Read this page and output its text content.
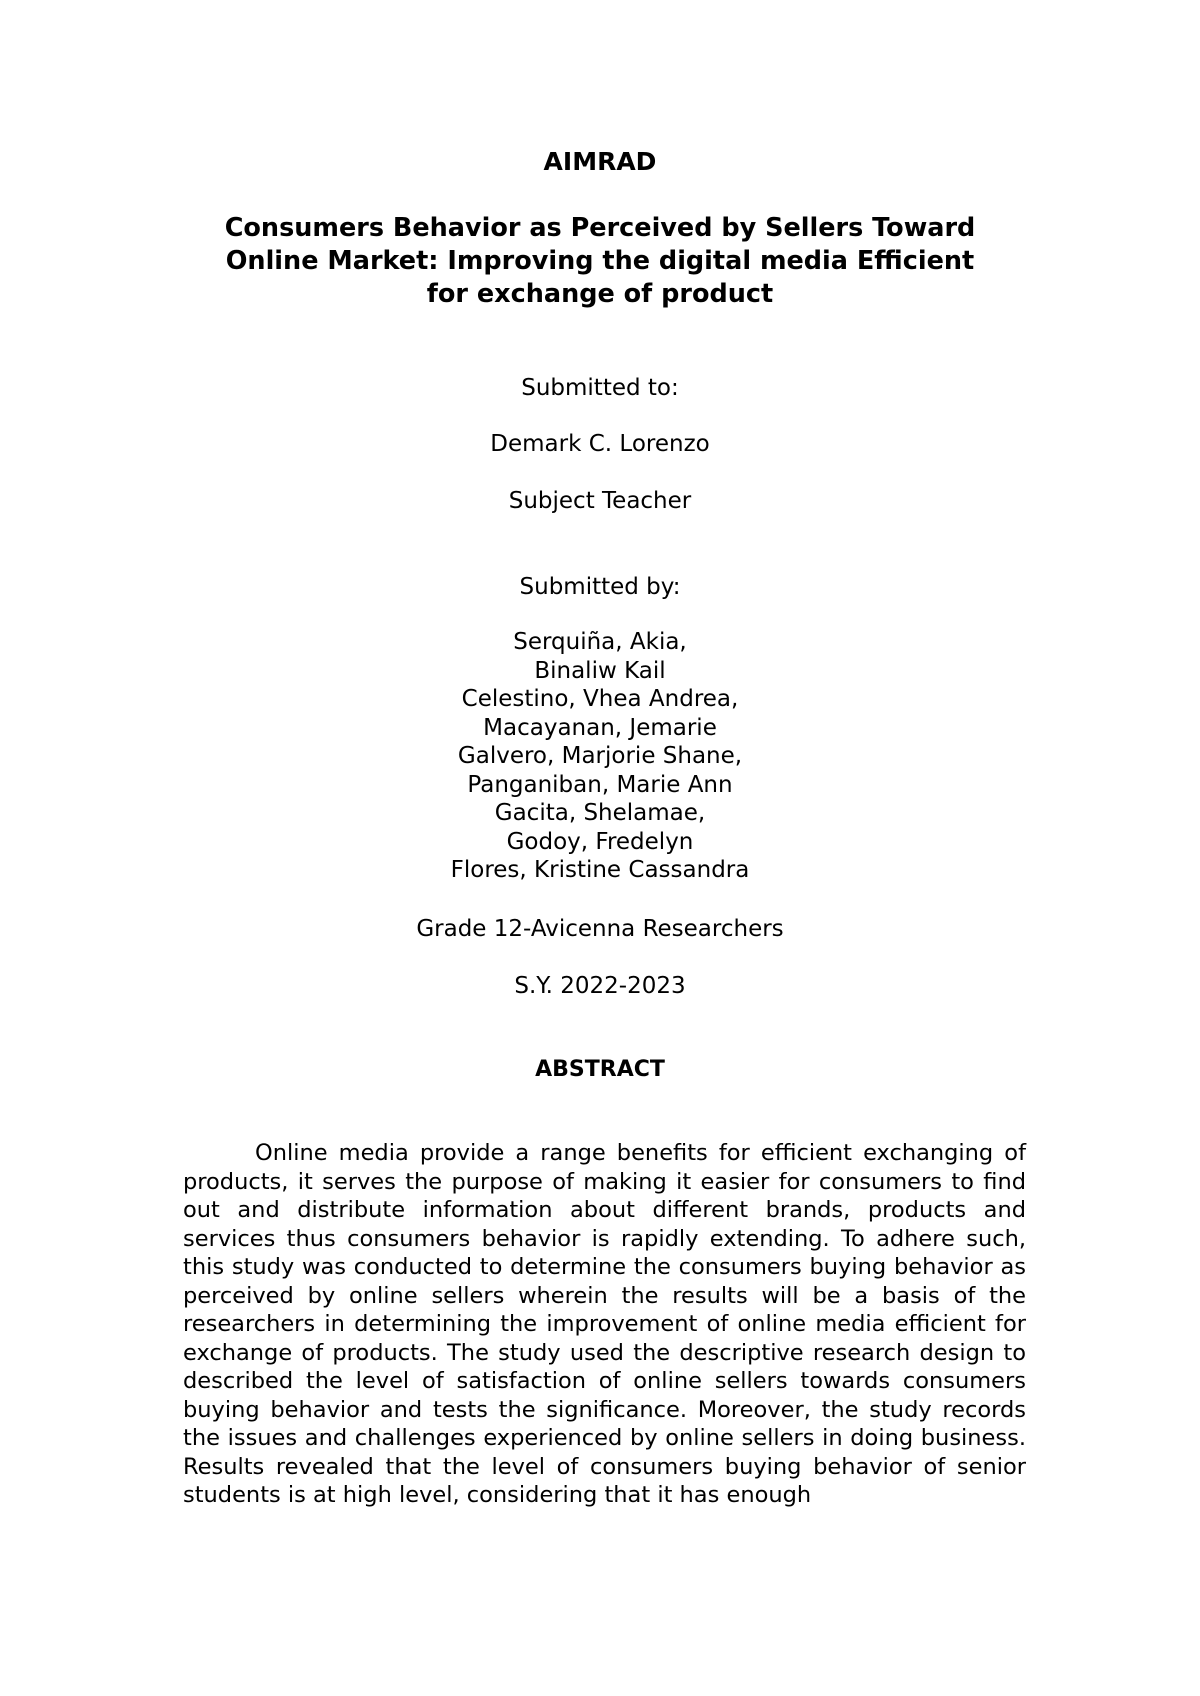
AIMRAD
Consumers Behavior as Perceived by Sellers Toward
Online Market: Improving the digital media Efficient
for exchange of product
Submitted to:
Demark C. Lorenzo
Subject Teacher
Submitted by:
Serquiña, Akia,
Binaliw Kail
Celestino, Vhea Andrea,
Macayanan, Jemarie
Galvero, Marjorie Shane,
Panganiban, Marie Ann
Gacita, Shelamae,
Godoy, Fredelyn
Flores, Kristine Cassandra
Grade 12-Avicenna Researchers
S.Y. 2022-2023
ABSTRACT

Online media provide a range benefits for efficient exchanging of products, it serves the purpose of making it easier for consumers to find out and distribute information about different brands, products and services thus consumers behavior is rapidly extending. To adhere such, this study was conducted to determine the consumers buying behavior as perceived by online sellers wherein the results will be a basis of the researchers in determining the improvement of online media efficient for exchange of products. The study used the descriptive research design to described the level of satisfaction of online sellers towards consumers buying behavior and tests the significance. Moreover, the study records the issues and challenges experienced by online sellers in doing business. Results revealed that the level of consumers buying behavior of senior students is at high level, considering that it has enough
